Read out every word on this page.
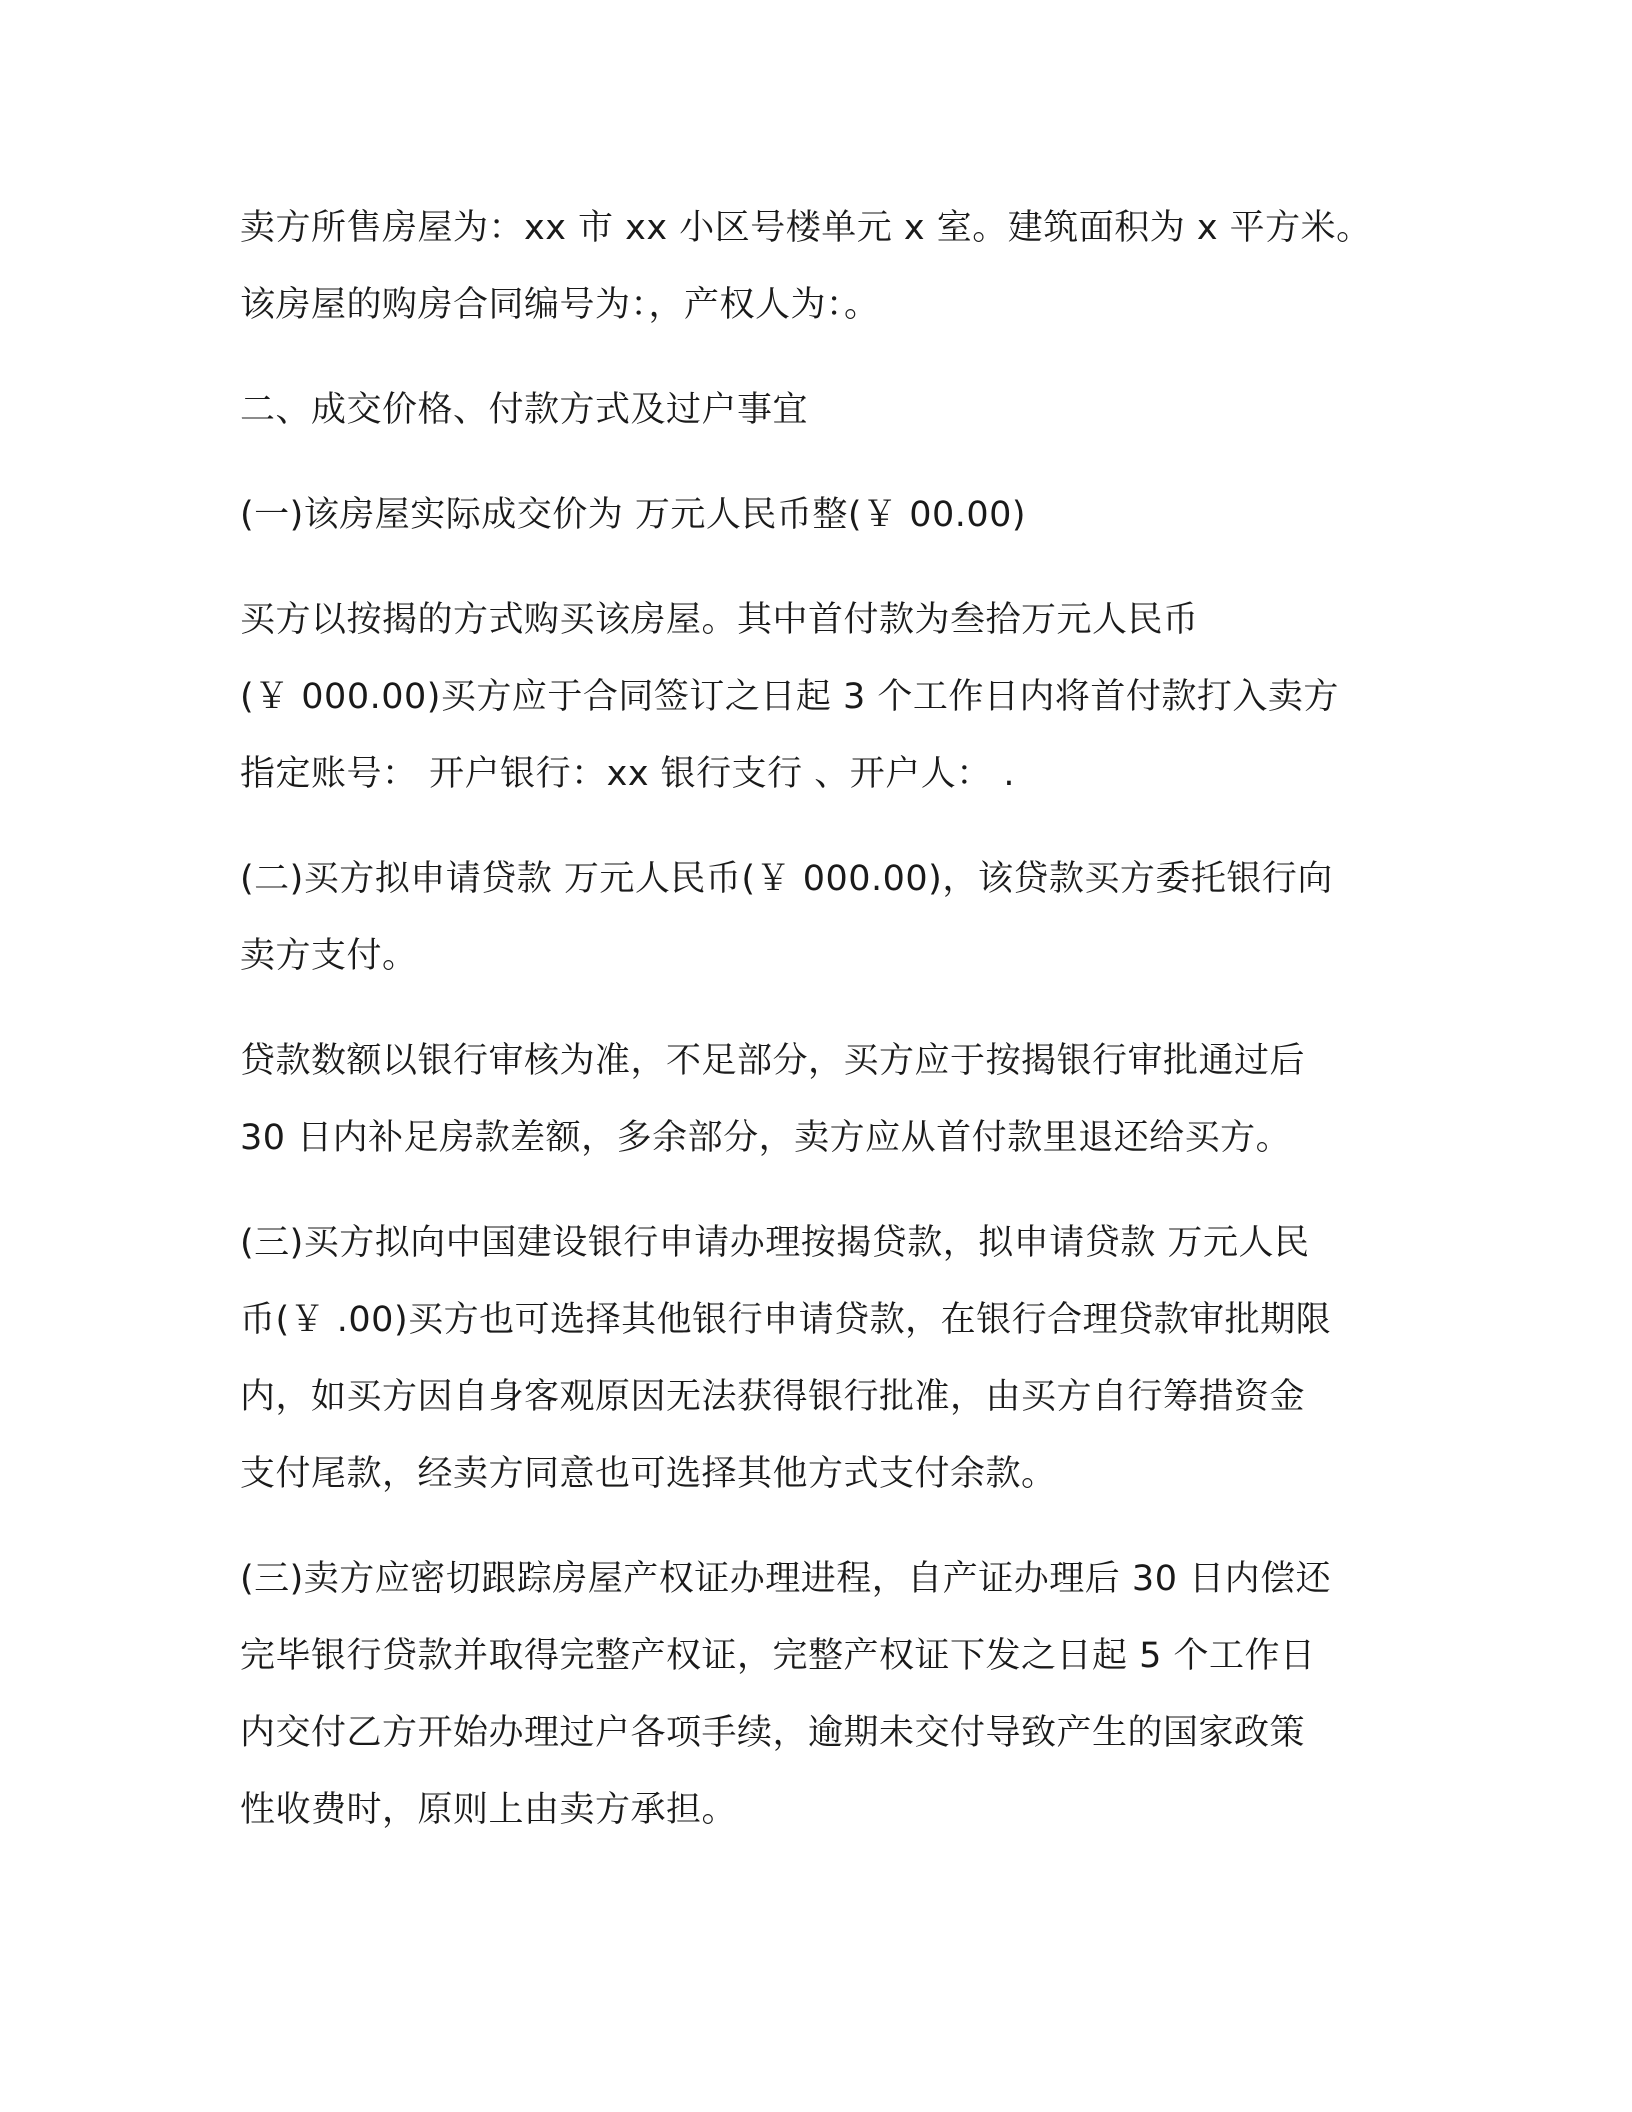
卖方所售房屋为：xx 市 xx 小区号楼单元 x 室。建筑面积为 x 平方米。
该房屋的购房合同编号为：，产权人为：。

二、成交价格、付款方式及过户事宜

(一)该房屋实际成交价为 万元人民币整(￥ 00.00)

买方以按揭的方式购买该房屋。其中首付款为叁拾万元人民币
(￥ 000.00)买方应于合同签订之日起 3 个工作日内将首付款打入卖方
指定账号： 开户银行：xx 银行支行 、开户人： .

(二)买方拟申请贷款 万元人民币(￥ 000.00)，该贷款买方委托银行向
卖方支付。

贷款数额以银行审核为准，不足部分，买方应于按揭银行审批通过后
30 日内补足房款差额，多余部分，卖方应从首付款里退还给买方。

(三)买方拟向中国建设银行申请办理按揭贷款，拟申请贷款 万元人民
币(￥ .00)买方也可选择其他银行申请贷款，在银行合理贷款审批期限
内，如买方因自身客观原因无法获得银行批准，由买方自行筹措资金
支付尾款，经卖方同意也可选择其他方式支付余款。

(三)卖方应密切跟踪房屋产权证办理进程，自产证办理后 30 日内偿还
完毕银行贷款并取得完整产权证，完整产权证下发之日起 5 个工作日
内交付乙方开始办理过户各项手续，逾期未交付导致产生的国家政策
性收费时，原则上由卖方承担。
